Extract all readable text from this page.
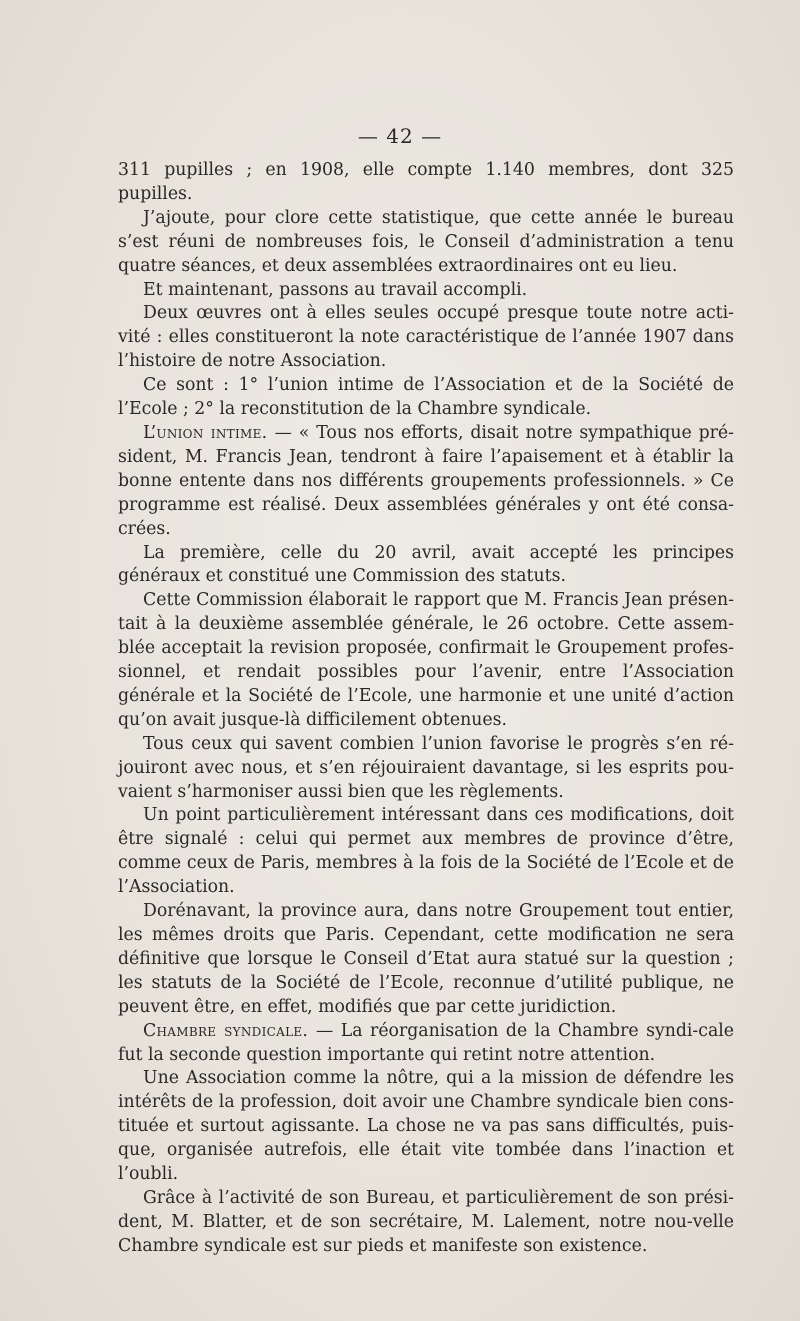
— 42 —

311 pupilles ; en 1908, elle compte 1.140 membres, dont 325 pupilles.

J’ajoute, pour clore cette statistique, que cette année le bureau s’est réuni de nombreuses fois, le Conseil d’administration a tenu quatre séances, et deux assemblées extraordinaires ont eu lieu.

Et maintenant, passons au travail accompli.

Deux œuvres ont à elles seules occupé presque toute notre acti-vité : elles constitueront la note caractéristique de l’année 1907 dans l’histoire de notre Association.

Ce sont : 1° l’union intime de l’Association et de la Société de l’Ecole ; 2° la reconstitution de la Chambre syndicale.

L’union intime. — « Tous nos efforts, disait notre sympathique pré-sident, M. Francis Jean, tendront à faire l’apaisement et à établir la bonne entente dans nos différents groupements professionnels. » Ce programme est réalisé. Deux assemblées générales y ont été consa-crées.

La première, celle du 20 avril, avait accepté les principes généraux et constitué une Commission des statuts.

Cette Commission élaborait le rapport que M. Francis Jean présen-tait à la deuxième assemblée générale, le 26 octobre. Cette assem-blée acceptait la revision proposée, confirmait le Groupement profes-sionnel, et rendait possibles pour l’avenir, entre l’Association générale et la Société de l’Ecole, une harmonie et une unité d’action qu’on avait jusque-là difficilement obtenues.

Tous ceux qui savent combien l’union favorise le progrès s’en ré-jouiront avec nous, et s’en réjouiraient davantage, si les esprits pou-vaient s’harmoniser aussi bien que les règlements.

Un point particulièrement intéressant dans ces modifications, doit être signalé : celui qui permet aux membres de province d’être, comme ceux de Paris, membres à la fois de la Société de l’Ecole et de l’Association.

Dorénavant, la province aura, dans notre Groupement tout entier, les mêmes droits que Paris. Cependant, cette modification ne sera définitive que lorsque le Conseil d’Etat aura statué sur la question ; les statuts de la Société de l’Ecole, reconnue d’utilité publique, ne peuvent être, en effet, modifiés que par cette juridiction.

Chambre syndicale. — La réorganisation de la Chambre syndi-cale fut la seconde question importante qui retint notre attention.

Une Association comme la nôtre, qui a la mission de défendre les intérêts de la profession, doit avoir une Chambre syndicale bien cons-tituée et surtout agissante. La chose ne va pas sans difficultés, puis-que, organisée autrefois, elle était vite tombée dans l’inaction et l’oubli.

Grâce à l’activité de son Bureau, et particulièrement de son prési-dent, M. Blatter, et de son secrétaire, M. Lalement, notre nou-velle Chambre syndicale est sur pieds et manifeste son existence.
